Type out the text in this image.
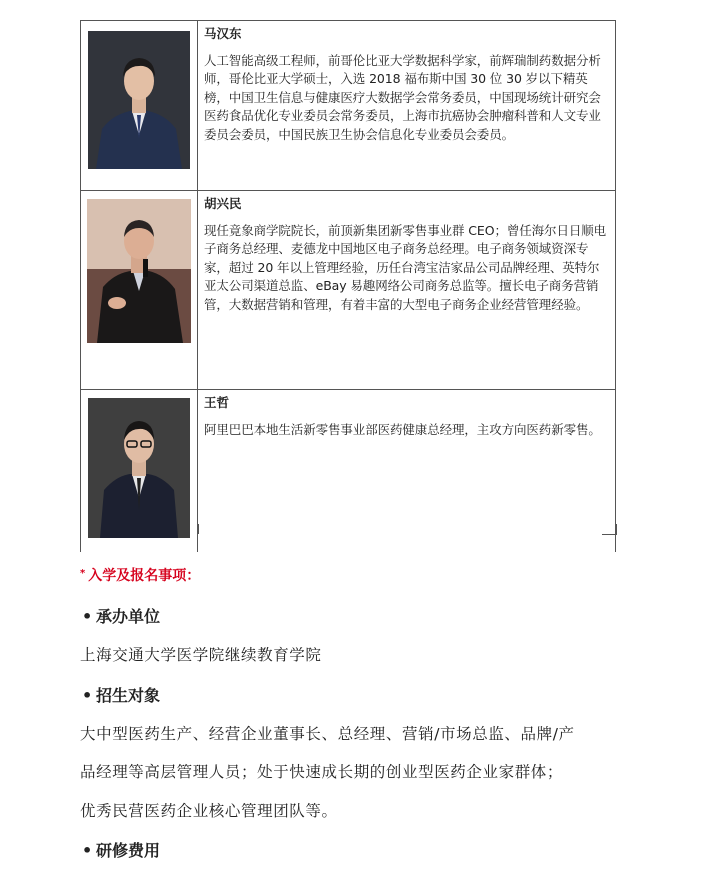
马汉东

人工智能高级工程师，前哥伦比亚大学数据科学家，前辉瑞制药数据分析师，哥伦比亚大学硕士，入选 2018 福布斯中国 30 位 30 岁以下精英榜，中国卫生信息与健康医疗大数据学会常务委员，中国现场统计研究会医药食品优化专业委员会常务委员，上海市抗癌协会肿瘤科普和人文专业委员会委员，中国民族卫生协会信息化专业委员会委员。

胡兴民

现任竟象商学院院长，前顶新集团新零售事业群 CEO；曾任海尔日日顺电子商务总经理、麦德龙中国地区电子商务总经理。电子商务领域资深专家，超过 20 年以上管理经验，历任台湾宝洁家品公司品牌经理、英特尔亚太公司渠道总监、eBay 易趣网络公司商务总监等。擅长电子商务营销管，大数据营销和管理，有着丰富的大型电子商务企业经营管理经验。

王哲

阿里巴巴本地生活新零售事业部医药健康总经理，主攻方向医药新零售。

* 入学及报名事项：
• 承办单位
上海交通大学医学院继续教育学院
• 招生对象
大中型医药生产、经营企业董事长、总经理、营销/市场总监、品牌/产
品经理等高层管理人员；处于快速成长期的创业型医药企业家群体；
优秀民营医药企业核心管理团队等。
• 研修费用
